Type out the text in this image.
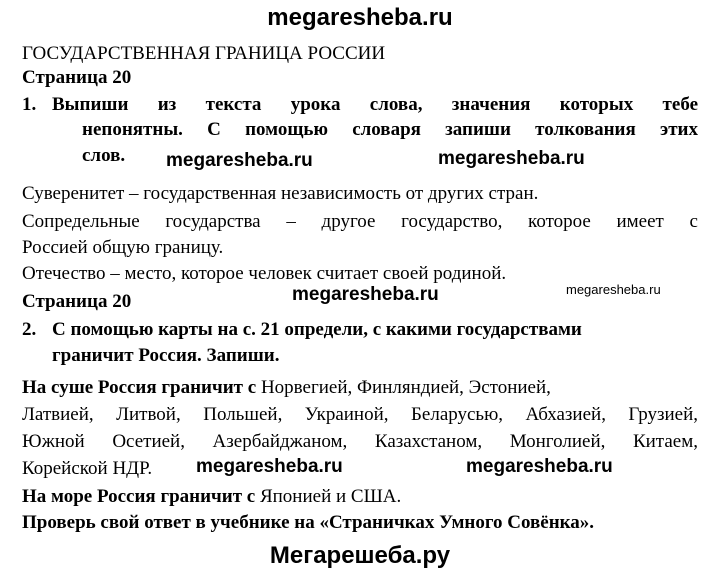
megaresheba.ru
ГОСУДАРСТВЕННАЯ ГРАНИЦА РОССИИ
Страница 20
1. Выпиши из текста урока слова, значения которых тебе
непонятны. С помощью словаря запиши толкования этих
слов.
Суверенитет – государственная независимость от других стран.
Сопредельные государства – другое государство, которое имеет с
Россией общую границу.
Отечество – место, которое человек считает своей родиной.
Страница 20
2. С помощью карты на с. 21 определи, с какими государствами
граничит Россия. Запиши.
На суше Россия граничит с Норвегией, Финляндией, Эстонией,
Латвией, Литвой, Польшей, Украиной, Беларусью, Абхазией, Грузией,
Южной Осетией, Азербайджаном, Казахстаном, Монголией, Китаем,
Корейской НДР.
На море Россия граничит с Японией и США.
Проверь свой ответ в учебнике на «Страничках Умного Совёнка».
megaresheba.ru	megaresheba.ru
megaresheba.ru	megaresheba.ru
megaresheba.ru	megaresheba.ru
Мегарешеба.ру
